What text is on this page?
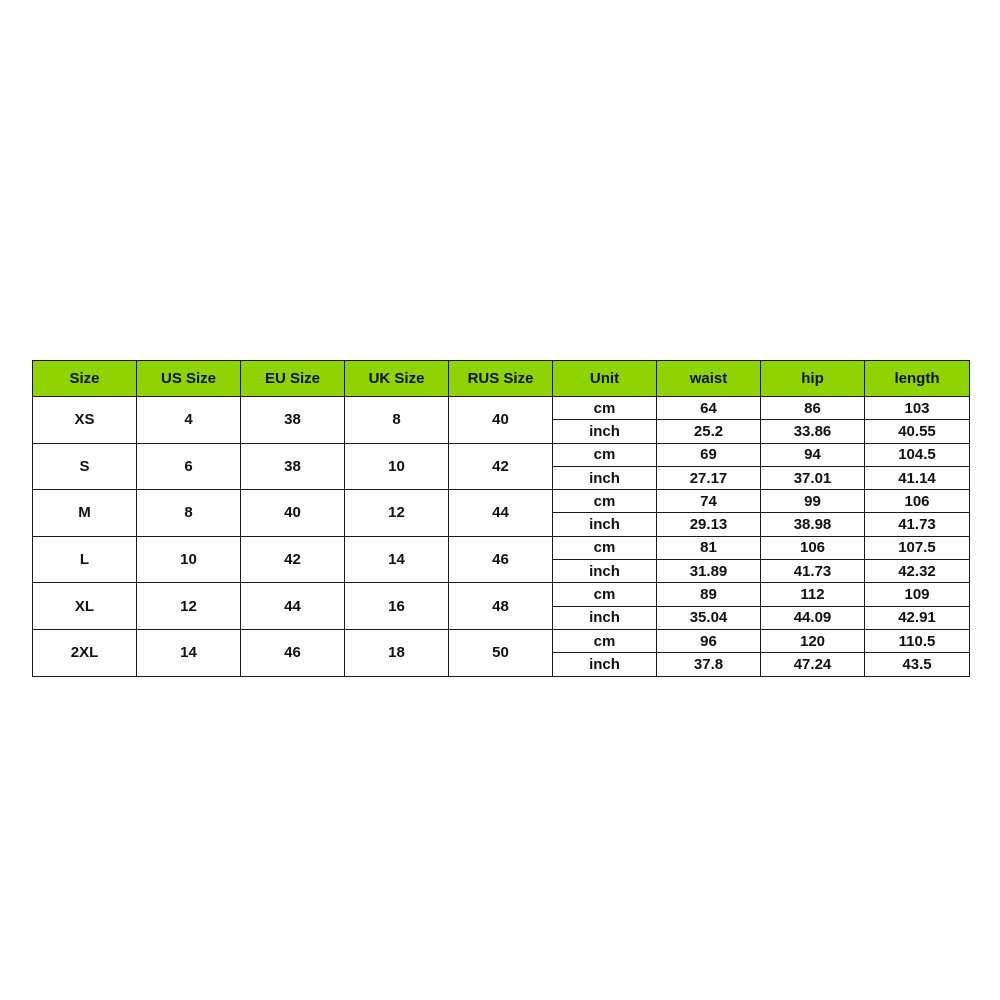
Size	US Size	EU Size	UK Size	RUS Size	Unit	waist	hip	length
XS	4	38	8	40	cm	64	86	103
					inch	25.2	33.86	40.55
S	6	38	10	42	cm	69	94	104.5
					inch	27.17	37.01	41.14
M	8	40	12	44	cm	74	99	106
					inch	29.13	38.98	41.73
L	10	42	14	46	cm	81	106	107.5
					inch	31.89	41.73	42.32
XL	12	44	16	48	cm	89	112	109
					inch	35.04	44.09	42.91
2XL	14	46	18	50	cm	96	120	110.5
					inch	37.8	47.24	43.5
